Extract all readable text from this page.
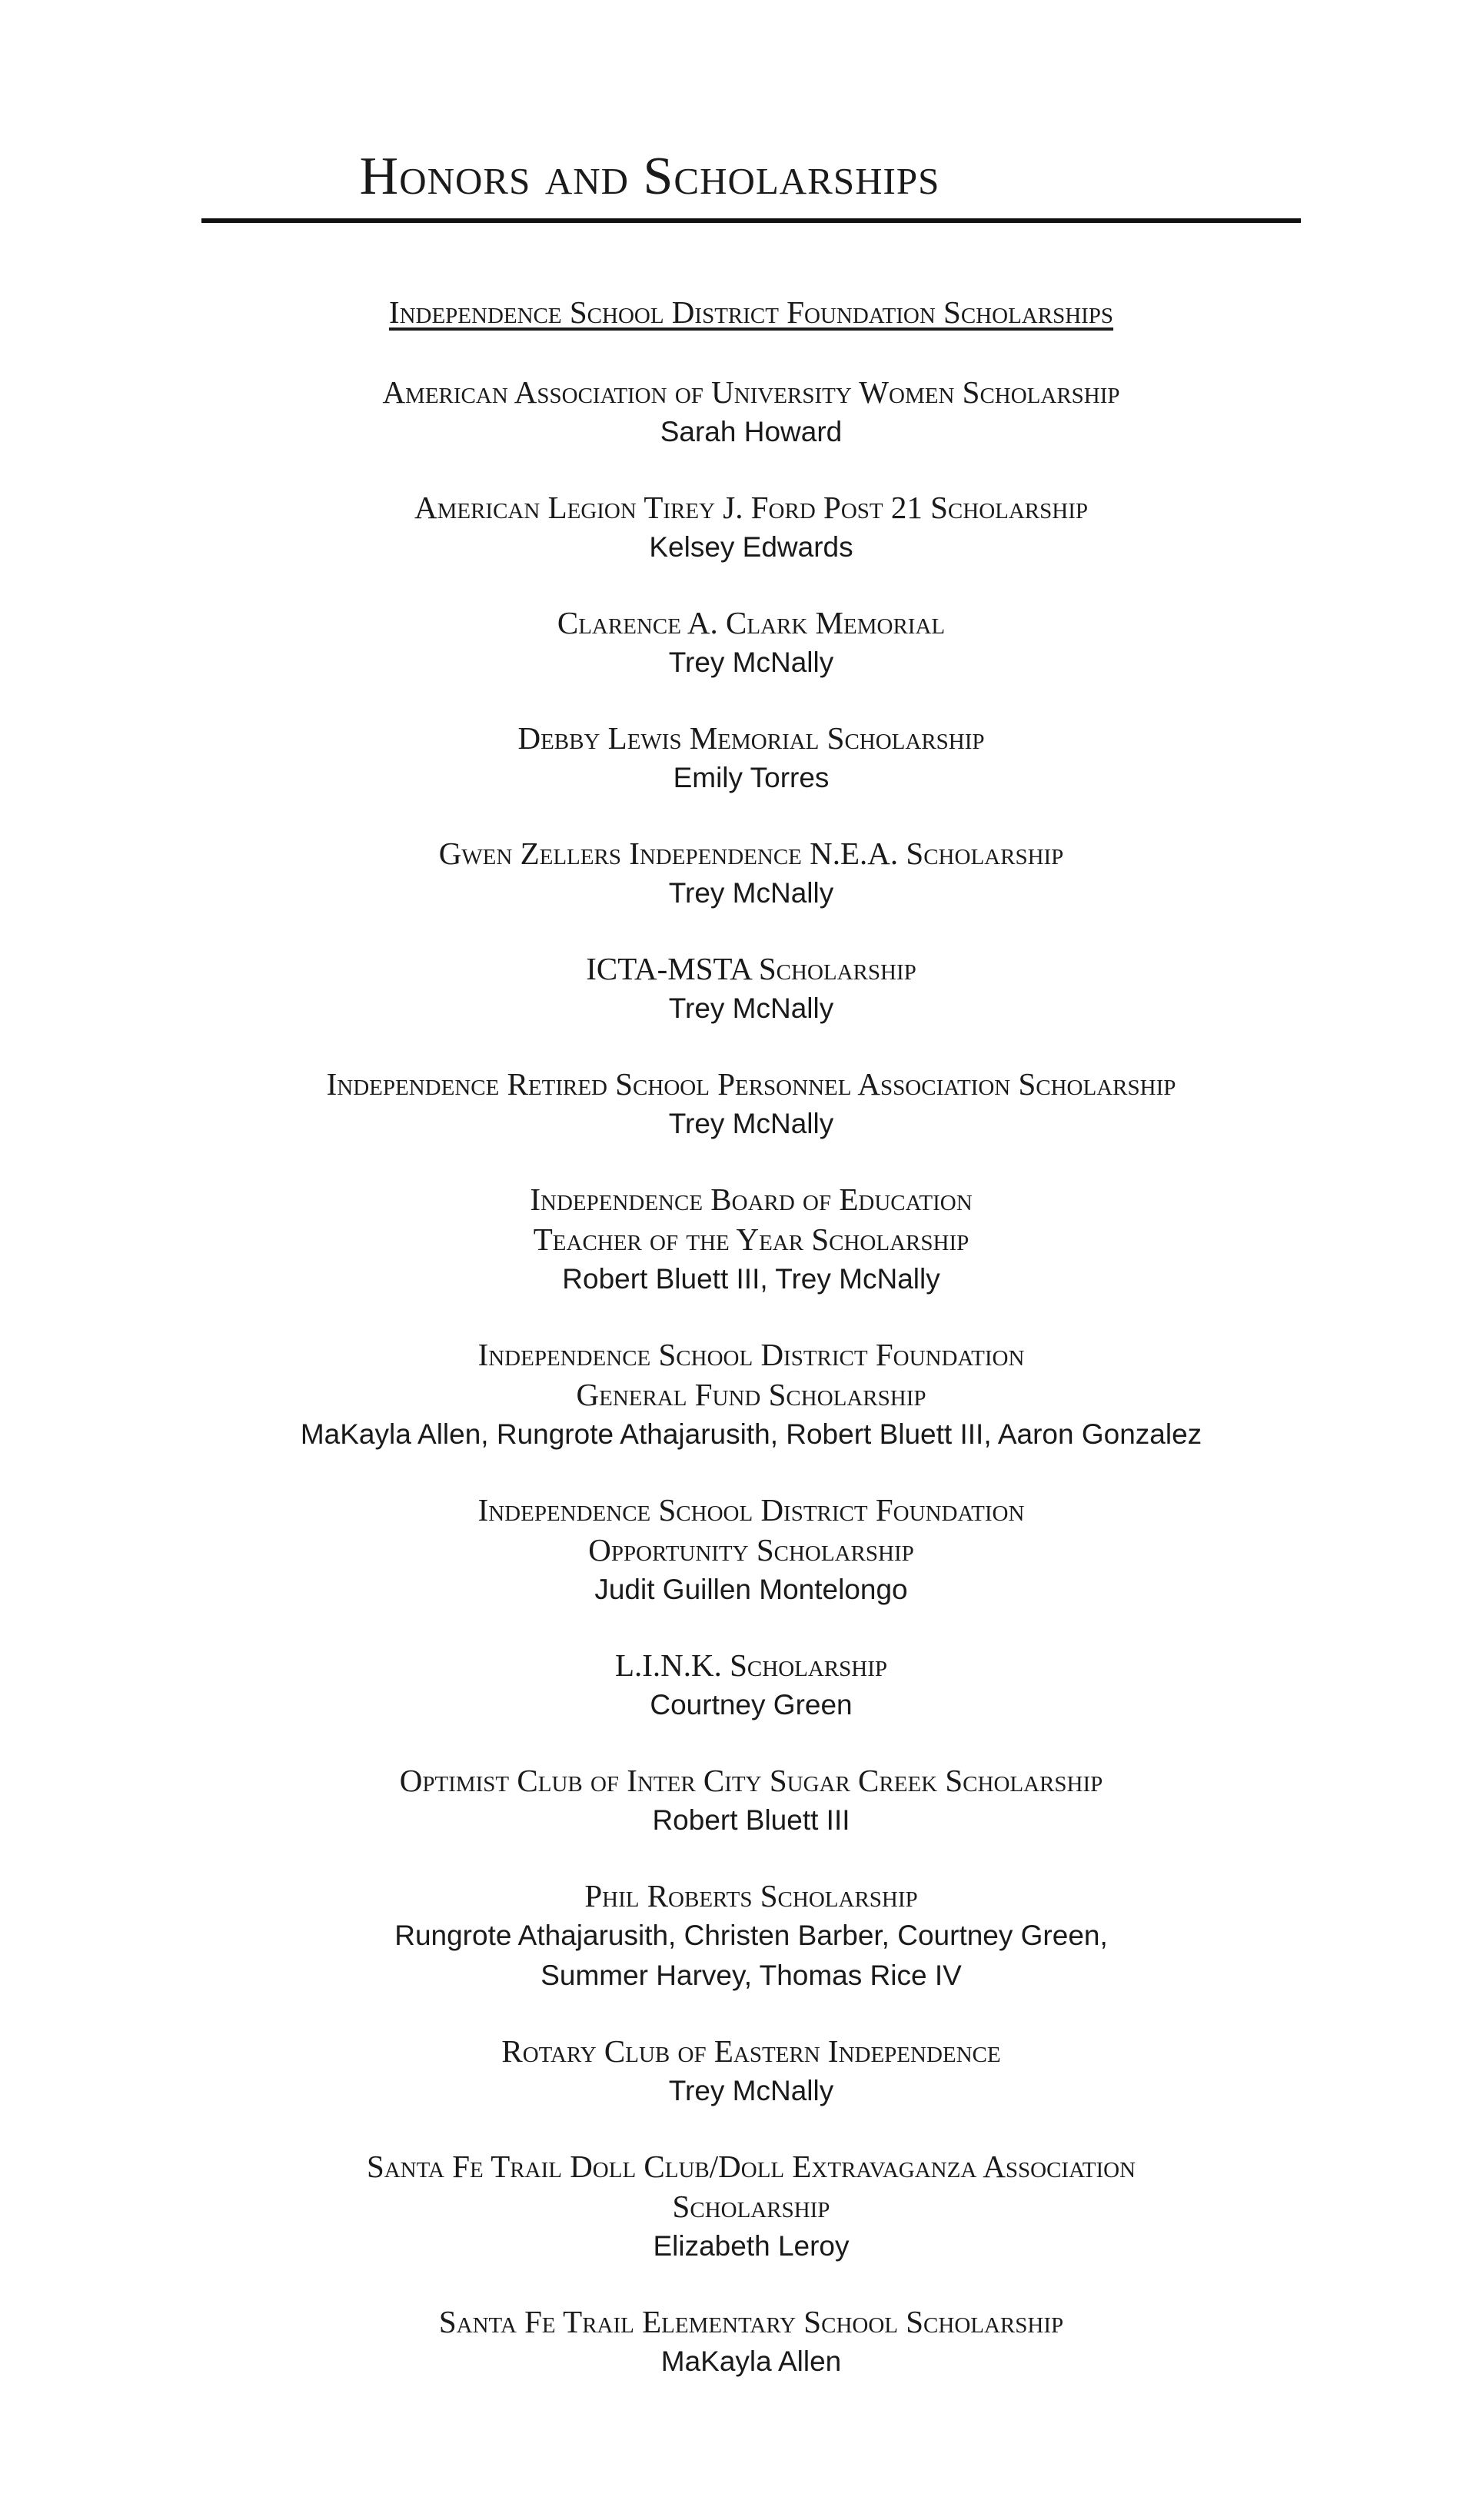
Honors and Scholarships

Independence School District Foundation Scholarships

American Association of University Women Scholarship

Sarah Howard

American Legion Tirey J. Ford Post 21 Scholarship

Kelsey Edwards

Clarence A. Clark Memorial

Trey McNally

Debby Lewis Memorial Scholarship

Emily Torres

Gwen Zellers Independence N.E.A. Scholarship

Trey McNally

ICTA-MSTA Scholarship

Trey McNally

Independence Retired School Personnel Association Scholarship

Trey McNally

Independence Board of Education

Teacher of the Year Scholarship

Robert Bluett III, Trey McNally

Independence School District Foundation

General Fund Scholarship

MaKayla Allen, Rungrote Athajarusith, Robert Bluett III, Aaron Gonzalez

Independence School District Foundation

Opportunity Scholarship

Judit Guillen Montelongo

L.I.N.K. Scholarship

Courtney Green

Optimist Club of Inter City Sugar Creek Scholarship

Robert Bluett III

Phil Roberts Scholarship

Rungrote Athajarusith, Christen Barber, Courtney Green,

Summer Harvey, Thomas Rice IV

Rotary Club of Eastern Independence

Trey McNally

Santa Fe Trail Doll Club/Doll Extravaganza Association

Scholarship

Elizabeth Leroy

Santa Fe Trail Elementary School Scholarship

MaKayla Allen
